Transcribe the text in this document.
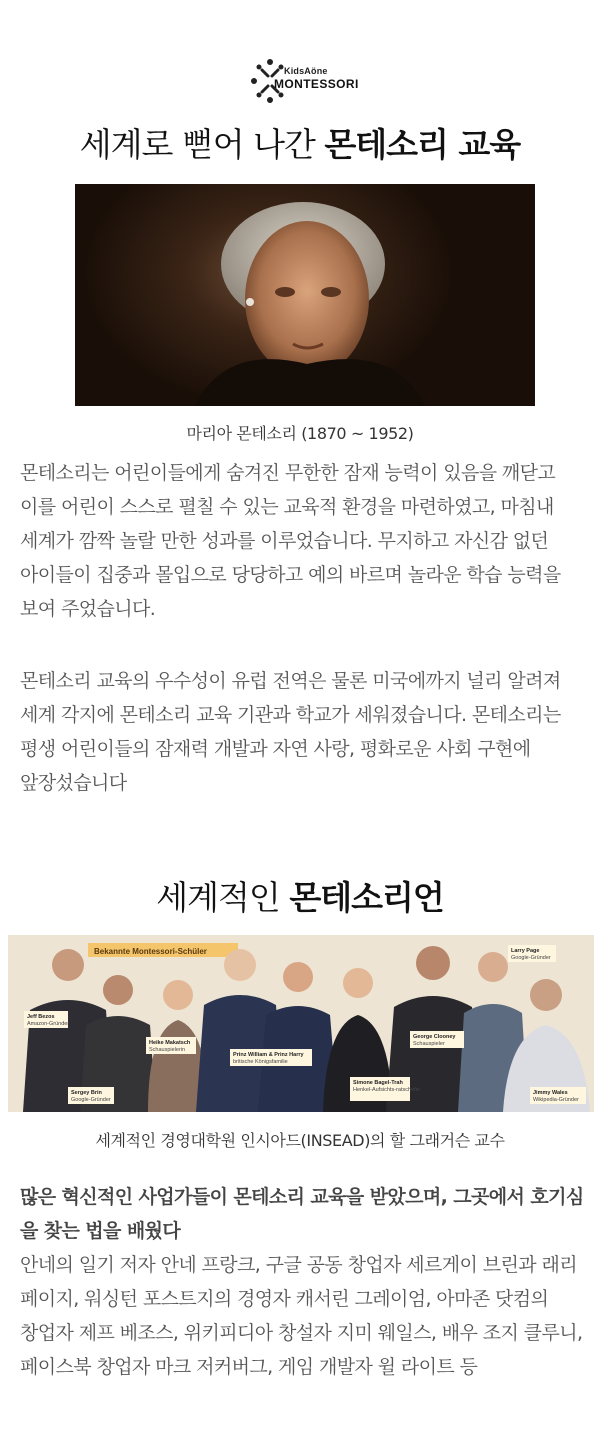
KidsAöne
MONTESSORI
세계로 뻗어 나간 몬테소리 교육
마리아 몬테소리 (1870 ~ 1952)
몬테소리는 어린이들에게 숨겨진 무한한 잠재 능력이 있음을 깨닫고 이를 어린이 스스로 펼칠 수 있는 교육적 환경을 마련하였고, 마침내 세계가 깜짝 놀랄 만한 성과를 이루었습니다. 무지하고 자신감 없던 아이들이 집중과 몰입으로 당당하고 예의 바르며 놀라운 학습 능력을 보여 주었습니다.
몬테소리 교육의 우수성이 유럽 전역은 물론 미국에까지 널리 알려져 세계 각지에 몬테소리 교육 기관과 학교가 세워졌습니다. 몬테소리는 평생 어린이들의 잠재력 개발과 자연 사랑, 평화로운 사회 구현에 앞장섰습니다
세계적인 몬테소리언
Bekannte Montessori-Schüler
Jeff Bezos
Amazon-Gründer
Sergey Brin
Google-Gründer
Heike Makatsch
Schauspielerin
Prinz William & Prinz Harry
britische Königsfamilie
Simone Bagel-Trah
Henkel-Aufsichts-ratschefin
George Clooney
Schauspieler
Larry Page
Google-Gründer
Jimmy Wales
Wikipedia-Gründer
세계적인 경영대학원 인시아드(INSEAD)의 할 그래거슨 교수
많은 혁신적인 사업가들이 몬테소리 교육을 받았으며, 그곳에서 호기심을 찾는 법을 배웠다
안네의 일기 저자 안네 프랑크, 구글 공동 창업자 세르게이 브린과 래리 페이지, 워싱턴 포스트지의 경영자 캐서린 그레이엄, 아마존 닷컴의 창업자 제프 베조스, 위키피디아 창설자 지미 웨일스, 배우 조지 클루니, 페이스북 창업자 마크 저커버그, 게임 개발자 윌 라이트 등
